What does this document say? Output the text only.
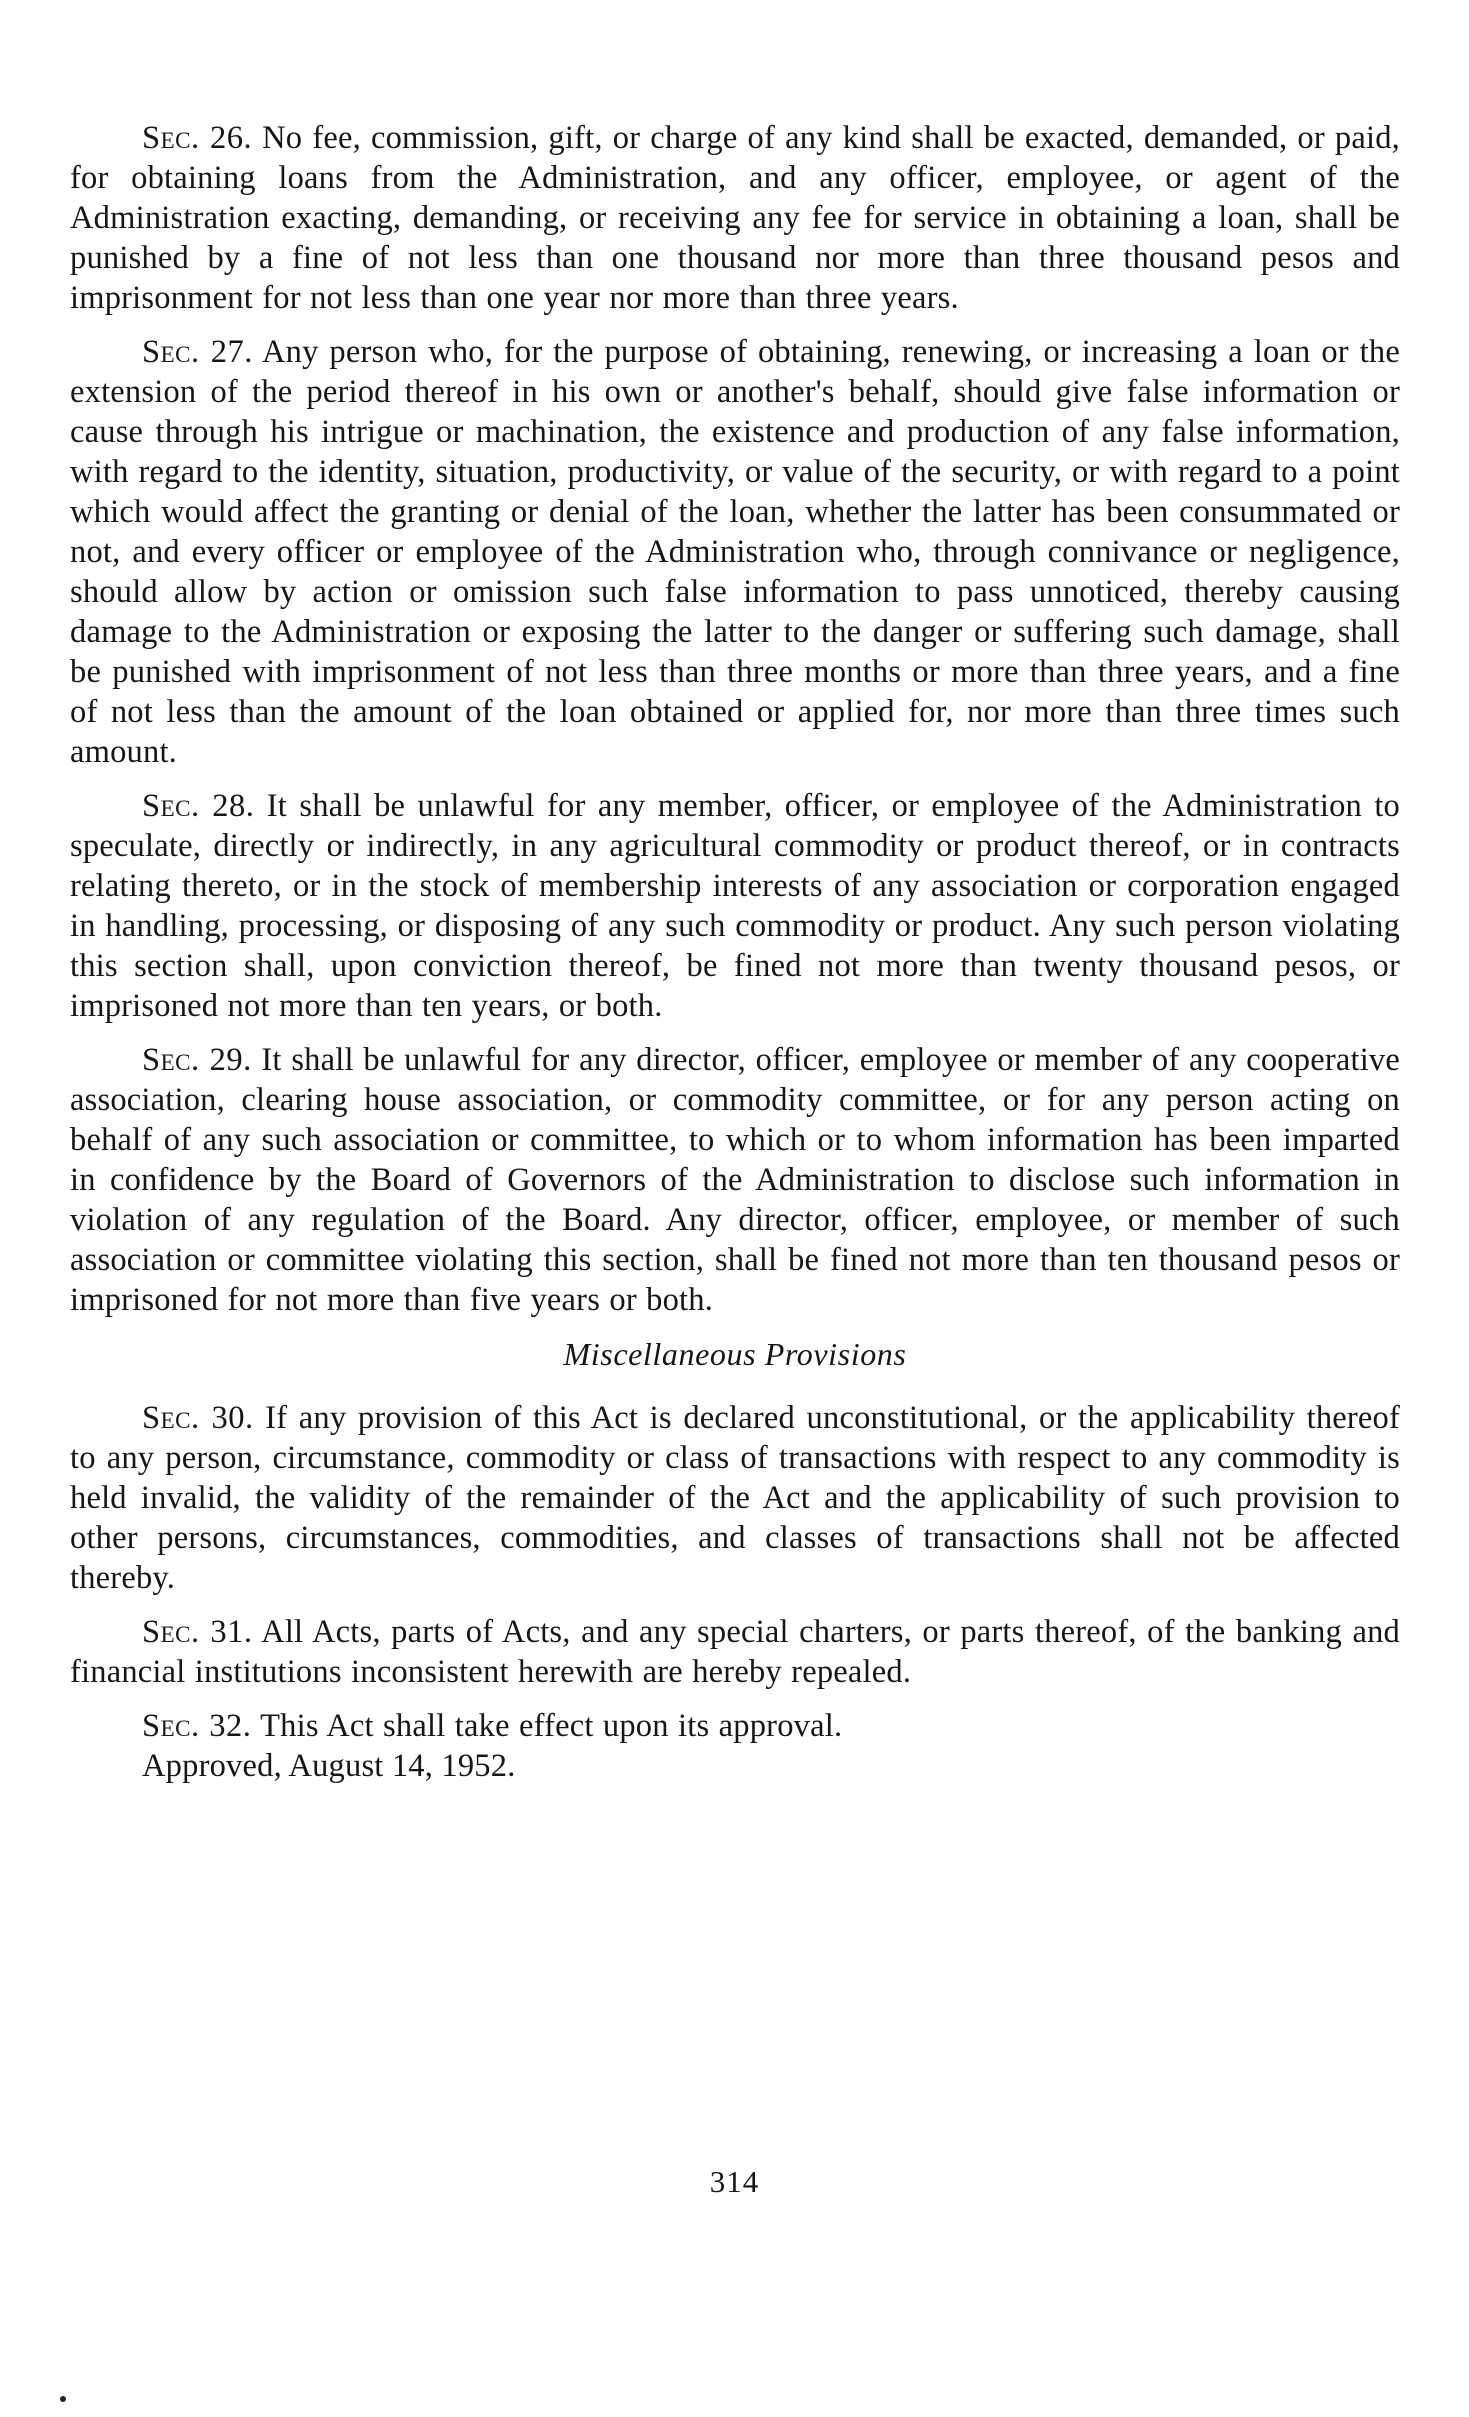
Sec. 26. No fee, commission, gift, or charge of any kind shall be exacted, demanded, or paid, for obtaining loans from the Administration, and any officer, employee, or agent of the Administration exacting, demanding, or receiving any fee for service in obtaining a loan, shall be punished by a fine of not less than one thousand nor more than three thousand pesos and imprisonment for not less than one year nor more than three years.

Sec. 27. Any person who, for the purpose of obtaining, renewing, or increasing a loan or the extension of the period thereof in his own or another's behalf, should give false information or cause through his intrigue or machination, the existence and production of any false information, with regard to the identity, situation, productivity, or value of the security, or with regard to a point which would affect the granting or denial of the loan, whether the latter has been consummated or not, and every officer or employee of the Administration who, through connivance or negligence, should allow by action or omission such false information to pass unnoticed, thereby causing damage to the Administration or exposing the latter to the danger or suffering such damage, shall be punished with imprisonment of not less than three months or more than three years, and a fine of not less than the amount of the loan obtained or applied for, nor more than three times such amount.

Sec. 28. It shall be unlawful for any member, officer, or employee of the Administration to speculate, directly or indirectly, in any agricultural commodity or product thereof, or in contracts relating thereto, or in the stock of membership interests of any association or corporation engaged in handling, processing, or disposing of any such commodity or product. Any such person violating this section shall, upon conviction thereof, be fined not more than twenty thousand pesos, or imprisoned not more than ten years, or both.

Sec. 29. It shall be unlawful for any director, officer, employee or member of any cooperative association, clearing house association, or commodity committee, or for any person acting on behalf of any such association or committee, to which or to whom information has been imparted in confidence by the Board of Governors of the Administration to disclose such information in violation of any regulation of the Board. Any director, officer, employee, or member of such association or committee violating this section, shall be fined not more than ten thousand pesos or imprisoned for not more than five years or both.

Miscellaneous Provisions

Sec. 30. If any provision of this Act is declared unconstitutional, or the applicability thereof to any person, circumstance, commodity or class of transactions with respect to any commodity is held invalid, the validity of the remainder of the Act and the applicability of such provision to other persons, circumstances, commodities, and classes of transactions shall not be affected thereby.

Sec. 31. All Acts, parts of Acts, and any special charters, or parts thereof, of the banking and financial institutions inconsistent herewith are hereby repealed.

Sec. 32. This Act shall take effect upon its approval.

Approved, August 14, 1952.

314
